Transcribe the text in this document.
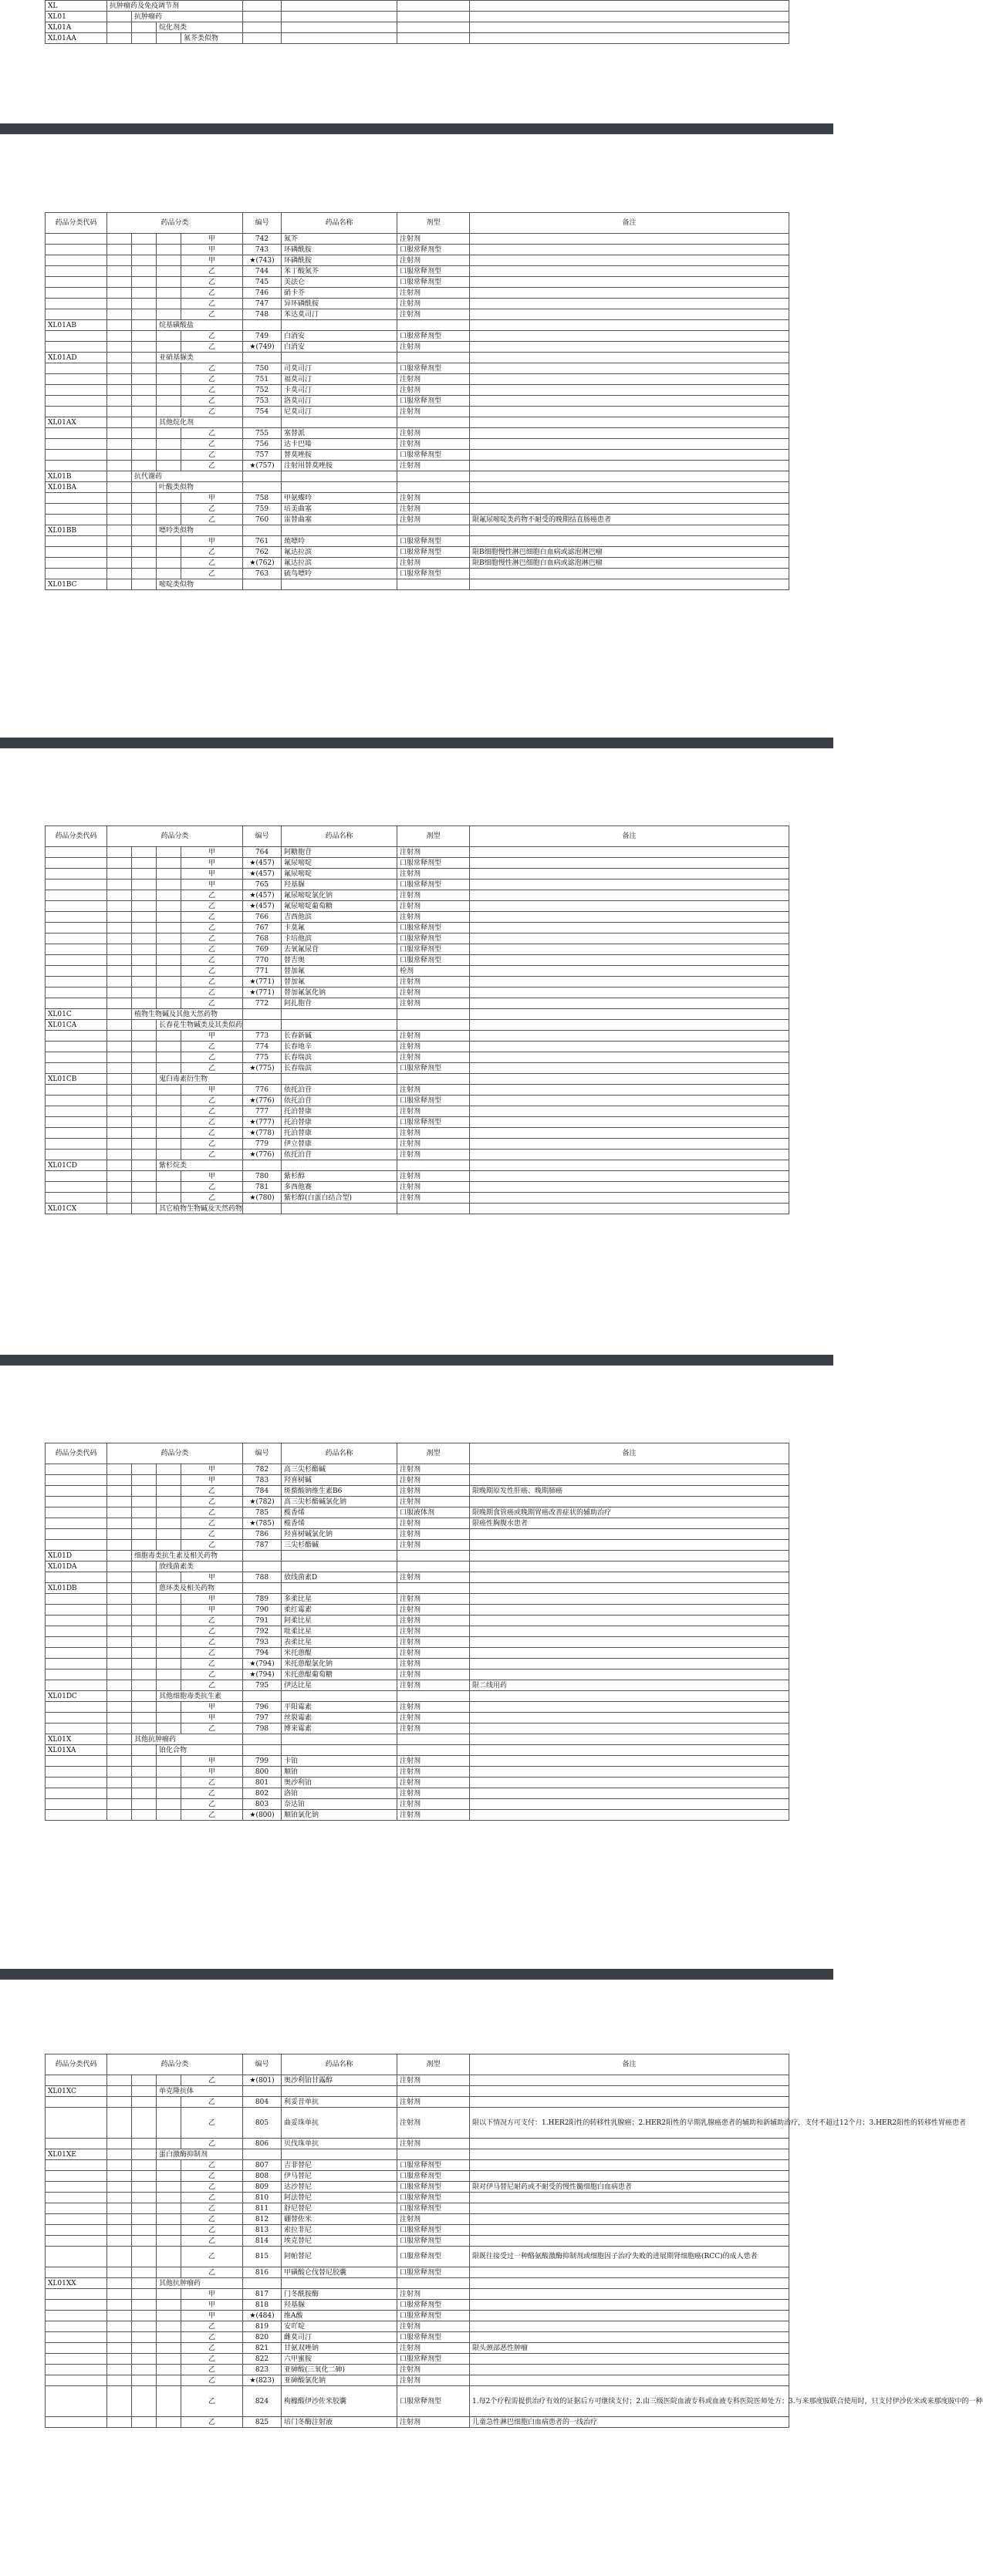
XL	抗肿瘤药及免疫调节剂							
XL01		抗肿瘤药						
XL01A			烷化剂类					
XL01AA				氮芥类似物				
药品分类代码	药品分类				编号	药品名称	剂型	备注
				甲	742	氮芥	注射剂	
				甲	743	环磷酰胺	口服常释剂型	
				甲	★(743)	环磷酰胺	注射剂	
				乙	744	苯丁酸氮芥	口服常释剂型	
				乙	745	美法仑	口服常释剂型	
				乙	746	硝卡芥	注射剂	
				乙	747	异环磷酰胺	注射剂	
				乙	748	苯达莫司汀	注射剂	
XL01AB			烷基磺酸盐					
				乙	749	白消安	口服常释剂型	
				乙	★(749)	白消安	注射剂	
XL01AD			亚硝基脲类					
				乙	750	司莫司汀	口服常释剂型	
				乙	751	福莫司汀	注射剂	
				乙	752	卡莫司汀	注射剂	
				乙	753	洛莫司汀	口服常释剂型	
				乙	754	尼莫司汀	注射剂	
XL01AX			其他烷化剂					
				乙	755	塞替派	注射剂	
				乙	756	达卡巴嗪	注射剂	
				乙	757	替莫唑胺	口服常释剂型	
				乙	★(757)	注射用替莫唑胺	注射剂	
XL01B		抗代谢药						
XL01BA			叶酸类似物					
				甲	758	甲氨蝶呤	注射剂	
				乙	759	培美曲塞	注射剂	
				乙	760	雷替曲塞	注射剂	限氟尿嘧啶类药物不耐受的晚期结直肠癌患者
XL01BB			嘌呤类似物					
				甲	761	巯嘌呤	口服常释剂型	
				乙	762	氟达拉滨	口服常释剂型	限B细胞慢性淋巴细胞白血病或滤泡淋巴瘤
				乙	★(762)	氟达拉滨	注射剂	限B细胞慢性淋巴细胞白血病或滤泡淋巴瘤
				乙	763	硫鸟嘌呤	口服常释剂型	
XL01BC			嘧啶类似物					
药品分类代码	药品分类				编号	药品名称	剂型	备注
				甲	764	阿糖胞苷	注射剂	
				甲	★(457)	氟尿嘧啶	口服常释剂型	
				甲	★(457)	氟尿嘧啶	注射剂	
				甲	765	羟基脲	口服常释剂型	
				乙	★(457)	氟尿嘧啶氯化钠	注射剂	
				乙	★(457)	氟尿嘧啶葡萄糖	注射剂	
				乙	766	吉西他滨	注射剂	
				乙	767	卡莫氟	口服常释剂型	
				乙	768	卡培他滨	口服常释剂型	
				乙	769	去氧氟尿苷	口服常释剂型	
				乙	770	替吉奥	口服常释剂型	
				乙	771	替加氟	栓剂	
				乙	★(771)	替加氟	注射剂	
				乙	★(771)	替加氟氯化钠	注射剂	
				乙	772	阿扎胞苷	注射剂	
XL01C		植物生物碱及其他天然药物						
XL01CA			长春花生物碱类及其类似药					
				甲	773	长春新碱	注射剂	
				乙	774	长春地辛	注射剂	
				乙	775	长春瑞滨	注射剂	
				乙	★(775)	长春瑞滨	口服常释剂型	
XL01CB			鬼臼毒素衍生物					
				甲	776	依托泊苷	注射剂	
				乙	★(776)	依托泊苷	口服常释剂型	
				乙	777	托泊替康	注射剂	
				乙	★(777)	托泊替康	口服常释剂型	
				乙	★(778)	托泊替康	注射剂	
				乙	779	伊立替康	注射剂	
				乙	★(776)	依托泊苷	注射剂	
XL01CD			紫杉烷类					
				甲	780	紫杉醇	注射剂	
				乙	781	多西他赛	注射剂	
				乙	★(780)	紫杉醇(白蛋白结合型)	注射剂	
XL01CX			其它植物生物碱及天然药物					
药品分类代码	药品分类				编号	药品名称	剂型	备注
				甲	782	高三尖杉酯碱	注射剂	
				甲	783	羟喜树碱	注射剂	
				乙	784	斑蝥酸钠维生素B6	注射剂	限晚期原发性肝癌、晚期肺癌
				乙	★(782)	高三尖杉酯碱氯化钠	注射剂	
				乙	785	榄香烯	口服液体剂	限晚期食管癌或晚期胃癌改善症状的辅助治疗
				乙	★(785)	榄香烯	注射剂	限癌性胸腹水患者
				乙	786	羟喜树碱氯化钠	注射剂	
				乙	787	三尖杉酯碱	注射剂	
XL01D		细胞毒类抗生素及相关药物						
XL01DA			放线菌素类					
				甲	788	放线菌素D	注射剂	
XL01DB			蒽环类及相关药物					
				甲	789	多柔比星	注射剂	
				甲	790	柔红霉素	注射剂	
				乙	791	阿柔比星	注射剂	
				乙	792	吡柔比星	注射剂	
				乙	793	表柔比星	注射剂	
				乙	794	米托蒽醌	注射剂	
				乙	★(794)	米托蒽醌氯化钠	注射剂	
				乙	★(794)	米托蒽醌葡萄糖	注射剂	
				乙	795	伊达比星	注射剂	限二线用药
XL01DC			其他细胞毒类抗生素					
				甲	796	平阳霉素	注射剂	
				甲	797	丝裂霉素	注射剂	
				乙	798	博来霉素	注射剂	
XL01X		其他抗肿瘤药						
XL01XA			铂化合物					
				甲	799	卡铂	注射剂	
				甲	800	顺铂	注射剂	
				乙	801	奥沙利铂	注射剂	
				乙	802	洛铂	注射剂	
				乙	803	奈达铂	注射剂	
				乙	★(800)	顺铂氯化钠	注射剂	
药品分类代码	药品分类				编号	药品名称	剂型	备注
				乙	★(801)	奥沙利铂甘露醇	注射剂	
XL01XC			单克隆抗体					
				乙	804	利妥昔单抗	注射剂	
				乙	805	曲妥珠单抗	注射剂	限以下情况方可支付：1.HER2阳性的转移性乳腺癌；2.HER2阳性的早期乳腺癌患者的辅助和新辅助治疗，支付不超过12个月；3.HER2阳性的转移性胃癌患者
				乙	806	贝伐珠单抗	注射剂	
XL01XE			蛋白激酶抑制剂					
				乙	807	吉非替尼	口服常释剂型	
				乙	808	伊马替尼	口服常释剂型	
				乙	809	达沙替尼	口服常释剂型	限对伊马替尼耐药或不耐受的慢性髓细胞白血病患者
				乙	810	阿法替尼	口服常释剂型	
				乙	811	舒尼替尼	口服常释剂型	
				乙	812	硼替佐米	注射剂	
				乙	813	索拉非尼	口服常释剂型	
				乙	814	埃克替尼	口服常释剂型	
				乙	815	阿帕替尼	口服常释剂型	限既往接受过一种酪氨酸激酶抑制剂或细胞因子治疗失败的进展期肾细胞癌(RCC)的成人患者
				乙	816	甲磺酸仑伐替尼胶囊	口服常释剂型	
XL01XX			其他抗肿瘤药					
				甲	817	门冬酰胺酶	注射剂	
				甲	818	羟基脲	口服常释剂型	
				甲	★(484)	维A酸	口服常释剂型	
				乙	819	安吖啶	注射剂	
				乙	820	雌莫司汀	口服常释剂型	
				乙	821	甘氨双唑钠	注射剂	限头颈部恶性肿瘤
				乙	822	六甲蜜胺	口服常释剂型	
				乙	823	亚砷酸(三氧化二砷)	注射剂	
				乙	★(823)	亚砷酸氯化钠	注射剂	
				乙	824	枸橼酸伊沙佐米胶囊	口服常释剂型	1.每2个疗程需提供治疗有效的证据后方可继续支付；2.由三级医院血液专科或血液专科医院医师处方；3.与来那度胺联合使用时，只支付伊沙佐米或来那度胺中的一种
				乙	825	培门冬酶注射液	注射剂	儿童急性淋巴细胞白血病患者的一线治疗
